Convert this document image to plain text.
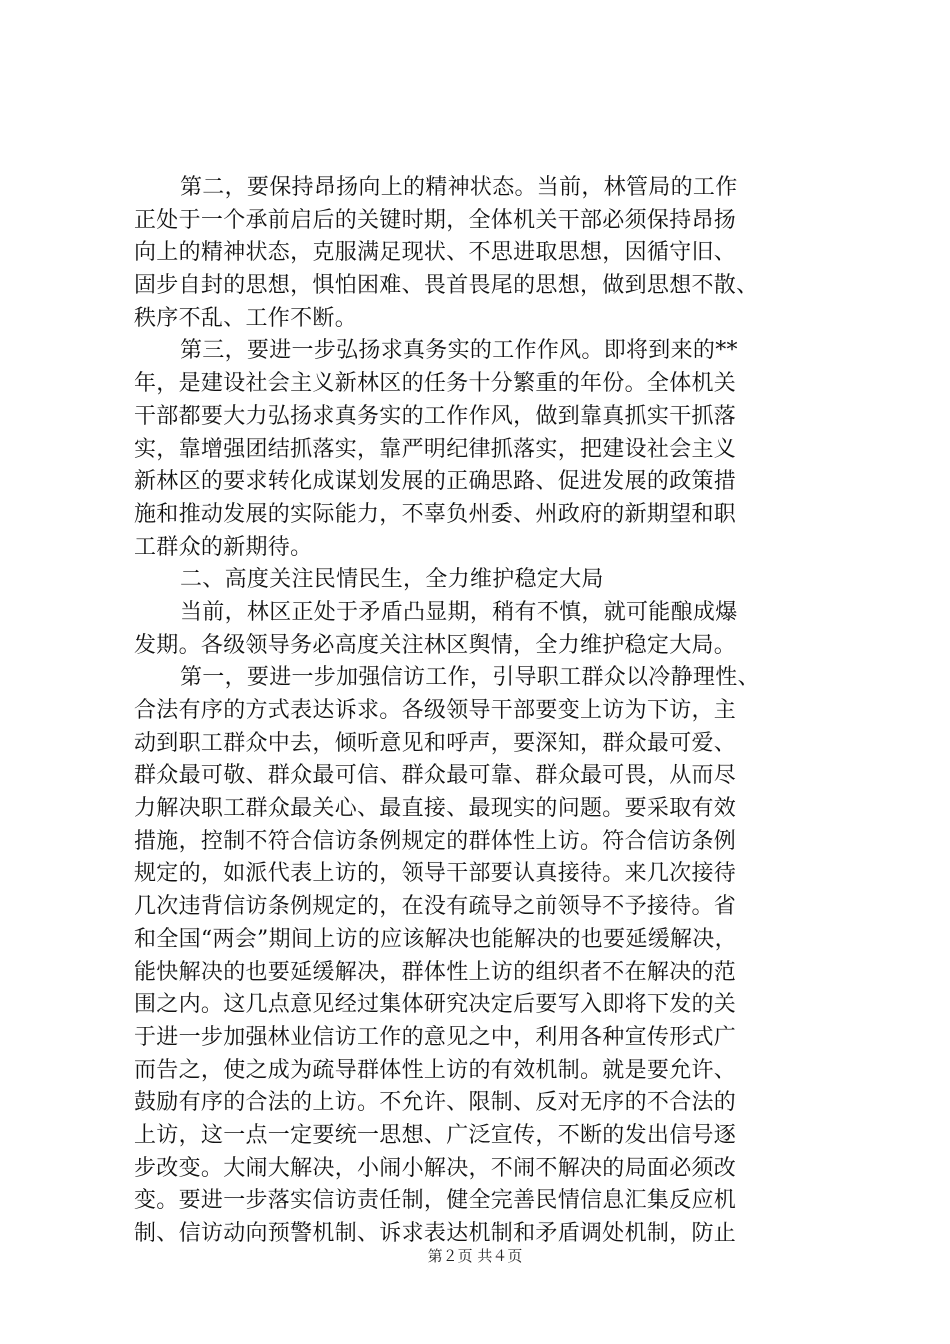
第二，要保持昂扬向上的精神状态。当前，林管局的工作
正处于一个承前启后的关键时期，全体机关干部必须保持昂扬
向上的精神状态，克服满足现状、不思进取思想，因循守旧、
固步自封的思想，惧怕困难、畏首畏尾的思想，做到思想不散、
秩序不乱、工作不断。
第三，要进一步弘扬求真务实的工作作风。即将到来的**
年，是建设社会主义新林区的任务十分繁重的年份。全体机关
干部都要大力弘扬求真务实的工作作风，做到靠真抓实干抓落
实，靠增强团结抓落实，靠严明纪律抓落实，把建设社会主义
新林区的要求转化成谋划发展的正确思路、促进发展的政策措
施和推动发展的实际能力，不辜负州委、州政府的新期望和职
工群众的新期待。
二、高度关注民情民生，全力维护稳定大局
当前，林区正处于矛盾凸显期，稍有不慎，就可能酿成爆
发期。各级领导务必高度关注林区舆情，全力维护稳定大局。
第一，要进一步加强信访工作，引导职工群众以冷静理性、
合法有序的方式表达诉求。各级领导干部要变上访为下访，主
动到职工群众中去，倾听意见和呼声，要深知，群众最可爱、
群众最可敬、群众最可信、群众最可靠、群众最可畏，从而尽
力解决职工群众最关心、最直接、最现实的问题。要采取有效
措施，控制不符合信访条例规定的群体性上访。符合信访条例
规定的，如派代表上访的，领导干部要认真接待。来几次接待
几次违背信访条例规定的，在没有疏导之前领导不予接待。省
和全国“两会”期间上访的应该解决也能解决的也要延缓解决，
能快解决的也要延缓解决，群体性上访的组织者不在解决的范
围之内。这几点意见经过集体研究决定后要写入即将下发的关
于进一步加强林业信访工作的意见之中，利用各种宣传形式广
而告之，使之成为疏导群体性上访的有效机制。就是要允许、
鼓励有序的合法的上访。不允许、限制、反对无序的不合法的
上访，这一点一定要统一思想、广泛宣传，不断的发出信号逐
步改变。大闹大解决，小闹小解决，不闹不解决的局面必须改
变。要进一步落实信访责任制，健全完善民情信息汇集反应机
制、信访动向预警机制、诉求表达机制和矛盾调处机制，防止
第２页 共４页
